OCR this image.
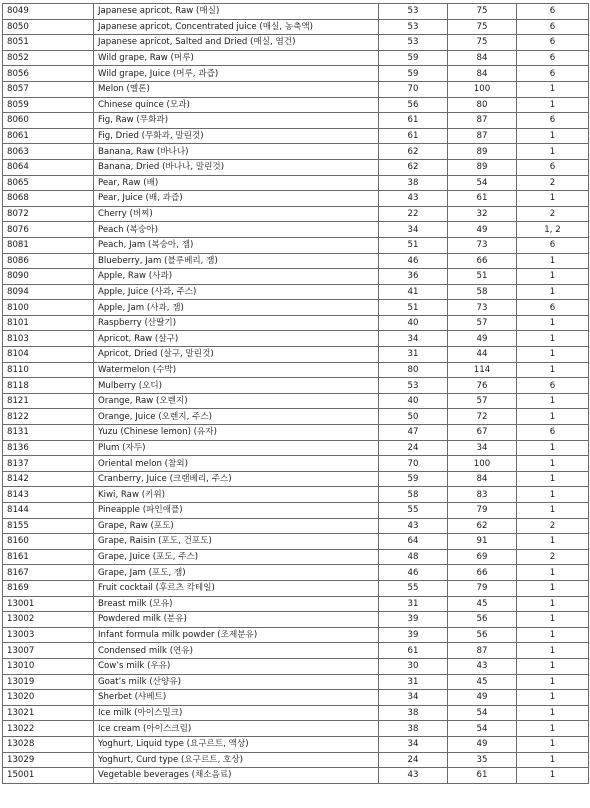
8049	Japanese apricot, Raw (매실)	53	75	6
8050	Japanese apricot, Concentrated juice (매실, 농축액)	53	75	6
8051	Japanese apricot, Salted and Dried (매실, 염건)	53	75	6
8052	Wild grape, Raw (머루)	59	84	6
8056	Wild grape, Juice (머루, 과즙)	59	84	6
8057	Melon (멜론)	70	100	1
8059	Chinese quince (모과)	56	80	1
8060	Fig, Raw (무화과)	61	87	6
8061	Fig, Dried (무화과, 말린것)	61	87	1
8063	Banana, Raw (바나나)	62	89	1
8064	Banana, Dried (바나나, 말린것)	62	89	6
8065	Pear, Raw (배)	38	54	2
8068	Pear, Juice (배, 과즙)	43	61	1
8072	Cherry (버찌)	22	32	2
8076	Peach (복숭아)	34	49	1, 2
8081	Peach, Jam (복숭아, 잼)	51	73	6
8086	Blueberry, Jam (블루베리, 잼)	46	66	1
8090	Apple, Raw (사과)	36	51	1
8094	Apple, Juice (사과, 주스)	41	58	1
8100	Apple, Jam (사과, 잼)	51	73	6
8101	Raspberry (산딸기)	40	57	1
8103	Apricot, Raw (살구)	34	49	1
8104	Apricot, Dried (살구, 말린것)	31	44	1
8110	Watermelon (수박)	80	114	1
8118	Mulberry (오디)	53	76	6
8121	Orange, Raw (오렌지)	40	57	1
8122	Orange, Juice (오렌지, 주스)	50	72	1
8131	Yuzu (Chinese lemon) (유자)	47	67	6
8136	Plum (자두)	24	34	1
8137	Oriental melon (참외)	70	100	1
8142	Cranberry, Juice (크랜베리, 주스)	59	84	1
8143	Kiwi, Raw (키위)	58	83	1
8144	Pineapple (파인애플)	55	79	1
8155	Grape, Raw (포도)	43	62	2
8160	Grape, Raisin (포도, 건포도)	64	91	1
8161	Grape, Juice (포도, 주스)	48	69	2
8167	Grape, Jam (포도, 잼)	46	66	1
8169	Fruit cocktail (후르츠 칵테일)	55	79	1
13001	Breast milk (모유)	31	45	1
13002	Powdered milk (분유)	39	56	1
13003	Infant formula milk powder (조제분유)	39	56	1
13007	Condensed milk (연유)	61	87	1
13010	Cow’s milk (우유)	30	43	1
13019	Goat’s milk (산양유)	31	45	1
13020	Sherbet (샤베트)	34	49	1
13021	Ice milk (아이스밀크)	38	54	1
13022	Ice cream (아이스크림)	38	54	1
13028	Yoghurt, Liquid type (요구르트, 액상)	34	49	1
13029	Yoghurt, Curd type (요구르트, 호상)	24	35	1
15001	Vegetable beverages (채소음료)	43	61	1
